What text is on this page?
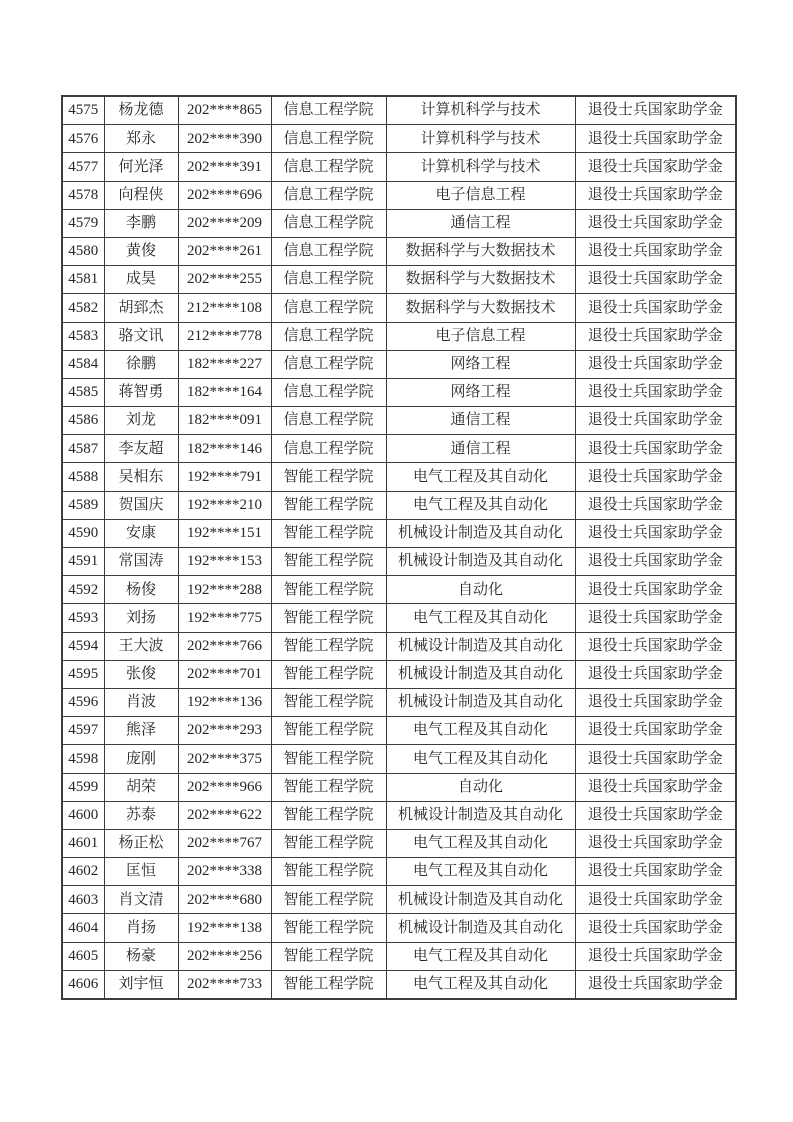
4575	杨龙德	202****865	信息工程学院	计算机科学与技术	退役士兵国家助学金
4576	郑永	202****390	信息工程学院	计算机科学与技术	退役士兵国家助学金
4577	何光泽	202****391	信息工程学院	计算机科学与技术	退役士兵国家助学金
4578	向程侠	202****696	信息工程学院	电子信息工程	退役士兵国家助学金
4579	李鹏	202****209	信息工程学院	通信工程	退役士兵国家助学金
4580	黄俊	202****261	信息工程学院	数据科学与大数据技术	退役士兵国家助学金
4581	成昊	202****255	信息工程学院	数据科学与大数据技术	退役士兵国家助学金
4582	胡郅杰	212****108	信息工程学院	数据科学与大数据技术	退役士兵国家助学金
4583	骆文讯	212****778	信息工程学院	电子信息工程	退役士兵国家助学金
4584	徐鹏	182****227	信息工程学院	网络工程	退役士兵国家助学金
4585	蒋智勇	182****164	信息工程学院	网络工程	退役士兵国家助学金
4586	刘龙	182****091	信息工程学院	通信工程	退役士兵国家助学金
4587	李友超	182****146	信息工程学院	通信工程	退役士兵国家助学金
4588	吴相东	192****791	智能工程学院	电气工程及其自动化	退役士兵国家助学金
4589	贺国庆	192****210	智能工程学院	电气工程及其自动化	退役士兵国家助学金
4590	安康	192****151	智能工程学院	机械设计制造及其自动化	退役士兵国家助学金
4591	常国涛	192****153	智能工程学院	机械设计制造及其自动化	退役士兵国家助学金
4592	杨俊	192****288	智能工程学院	自动化	退役士兵国家助学金
4593	刘扬	192****775	智能工程学院	电气工程及其自动化	退役士兵国家助学金
4594	王大波	202****766	智能工程学院	机械设计制造及其自动化	退役士兵国家助学金
4595	张俊	202****701	智能工程学院	机械设计制造及其自动化	退役士兵国家助学金
4596	肖波	192****136	智能工程学院	机械设计制造及其自动化	退役士兵国家助学金
4597	熊泽	202****293	智能工程学院	电气工程及其自动化	退役士兵国家助学金
4598	庞刚	202****375	智能工程学院	电气工程及其自动化	退役士兵国家助学金
4599	胡荣	202****966	智能工程学院	自动化	退役士兵国家助学金
4600	苏泰	202****622	智能工程学院	机械设计制造及其自动化	退役士兵国家助学金
4601	杨正松	202****767	智能工程学院	电气工程及其自动化	退役士兵国家助学金
4602	匡恒	202****338	智能工程学院	电气工程及其自动化	退役士兵国家助学金
4603	肖文清	202****680	智能工程学院	机械设计制造及其自动化	退役士兵国家助学金
4604	肖扬	192****138	智能工程学院	机械设计制造及其自动化	退役士兵国家助学金
4605	杨豪	202****256	智能工程学院	电气工程及其自动化	退役士兵国家助学金
4606	刘宇恒	202****733	智能工程学院	电气工程及其自动化	退役士兵国家助学金
